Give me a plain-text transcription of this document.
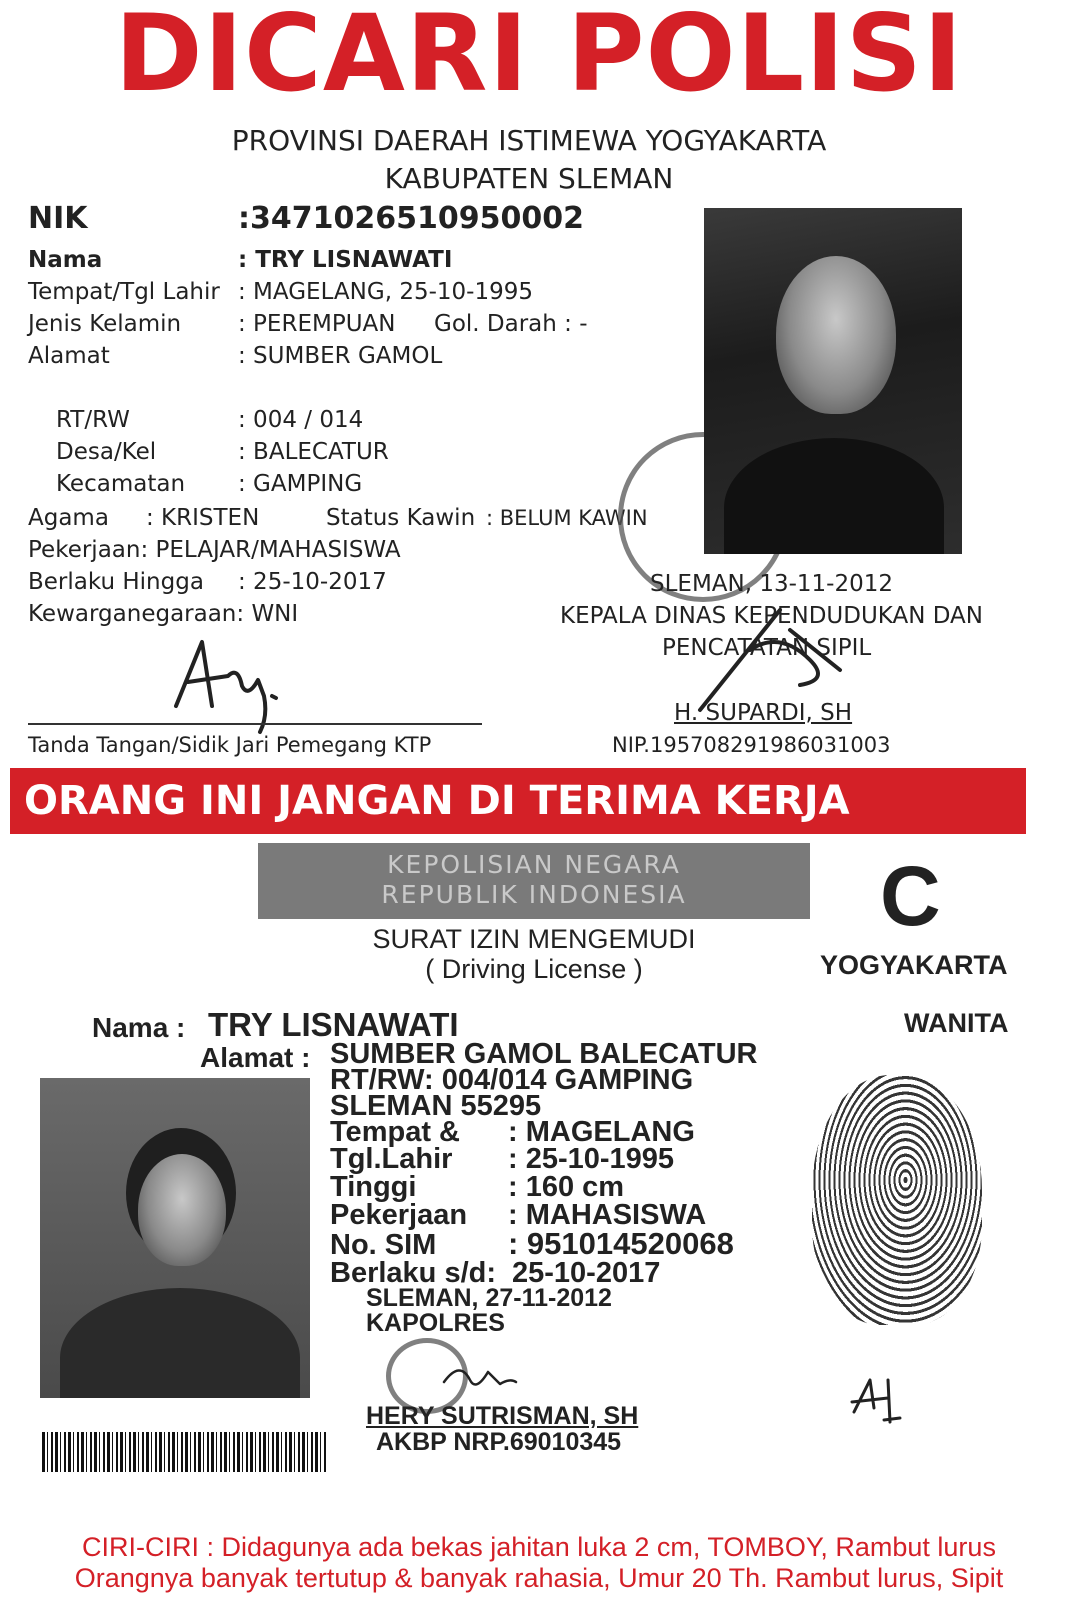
DICARI POLISI
PROVINSI DAERAH ISTIMEWA YOGYAKARTA
KABUPATEN SLEMAN
NIK	:3471026510950002
Nama	: TRY LISNAWATI
Tempat/Tgl Lahir : MAGELANG, 25-10-1995
Jenis Kelamin : PEREMPUAN Gol. Darah : -
Alamat	: SUMBER GAMOL
RT/RW	: 004 / 014
Desa/Kel	: BALECATUR
Kecamatan : GAMPING
Agama : KRISTEN	Status Kawin : BELUM KAWIN
Pekerjaan: PELAJAR/MAHASISWA
Berlaku Hingga : 25-10-2017
Kewarganegaraan: WNI
SLEMAN, 13-11-2012
KEPALA DINAS KEPENDUDUKAN DAN
PENCATATAN SIPIL
H. SUPARDI, SH
NIP.195708291986031003
Tanda Tangan/Sidik Jari Pemegang KTP
ORANG INI JANGAN DI TERIMA KERJA
KEPOLISIAN NEGARA
REPUBLIK INDONESIA
SURAT IZIN MENGEMUDI
( Driving License )
C
YOGYAKARTA
WANITA
Nama : TRY LISNAWATI
Alamat : SUMBER GAMOL BALECATUR
RT/RW: 004/014 GAMPING
SLEMAN 55295
Tempat & : MAGELANG
Tgl.Lahir : 25-10-1995
Tinggi	: 160 cm
Pekerjaan : MAHASISWA
No. SIM : 951014520068
Berlaku s/d: 25-10-2017
SLEMAN, 27-11-2012
KAPOLRES
HERY SUTRISMAN, SH
AKBP NRP.69010345
CIRI-CIRI : Didagunya ada bekas jahitan luka 2 cm, TOMBOY, Rambut lurus
Orangnya banyak tertutup & banyak rahasia, Umur 20 Th. Rambut lurus, Sipit
